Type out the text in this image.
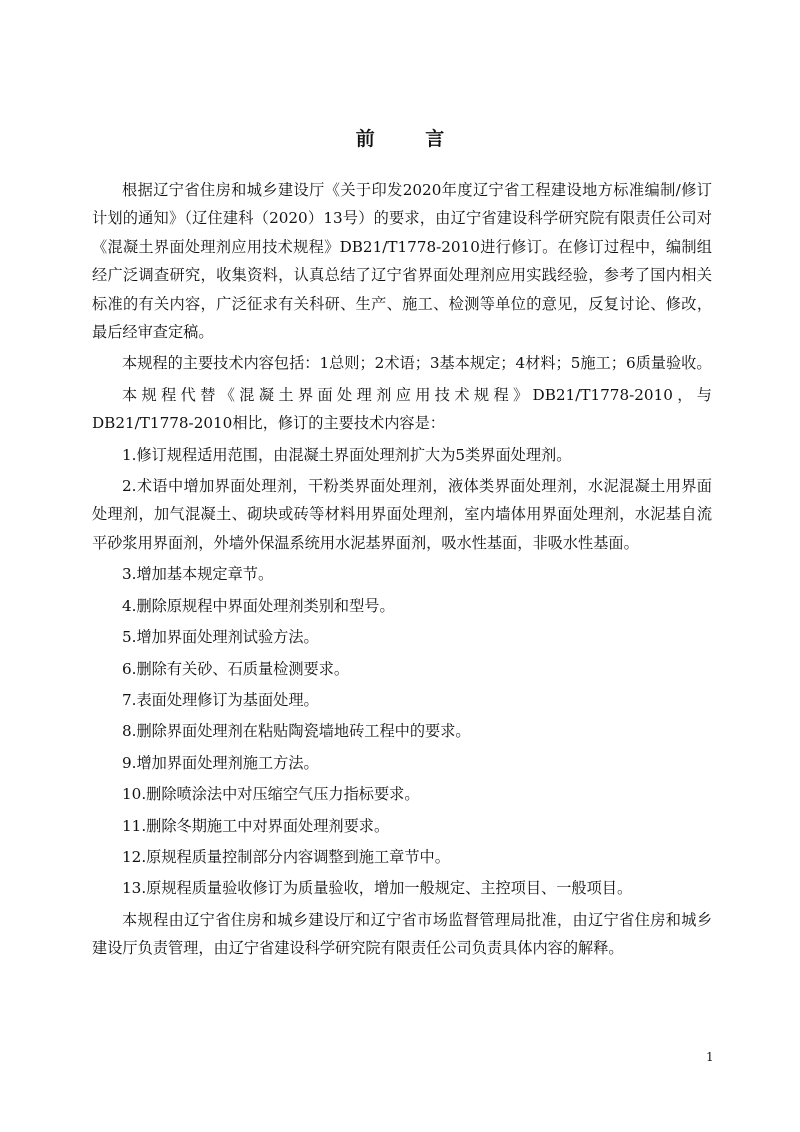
前 言

根据辽宁省住房和城乡建设厅《关于印发2020年度辽宁省工程建设地方标准编制/修订计划的通知》（辽住建科（2020）13号）的要求，由辽宁省建设科学研究院有限责任公司对《混凝土界面处理剂应用技术规程》DB21/T1778-2010进行修订。在修订过程中，编制组经广泛调查研究，收集资料，认真总结了辽宁省界面处理剂应用实践经验，参考了国内相关标准的有关内容，广泛征求有关科研、生产、施工、检测等单位的意见，反复讨论、修改，最后经审查定稿。

本规程的主要技术内容包括：1总则；2术语；3基本规定；4材料；5施工；6质量验收。

本规程代替《混凝土界面处理剂应用技术规程》DB21/T1778-2010，与DB21/T1778-2010相比，修订的主要技术内容是：

1.修订规程适用范围，由混凝土界面处理剂扩大为5类界面处理剂。

2.术语中增加界面处理剂，干粉类界面处理剂，液体类界面处理剂，水泥混凝土用界面处理剂，加气混凝土、砌块或砖等材料用界面处理剂，室内墙体用界面处理剂，水泥基自流平砂浆用界面剂，外墙外保温系统用水泥基界面剂，吸水性基面，非吸水性基面。

3.增加基本规定章节。

4.删除原规程中界面处理剂类别和型号。

5.增加界面处理剂试验方法。

6.删除有关砂、石质量检测要求。

7.表面处理修订为基面处理。

8.删除界面处理剂在粘贴陶瓷墙地砖工程中的要求。

9.增加界面处理剂施工方法。

10.删除喷涂法中对压缩空气压力指标要求。

11.删除冬期施工中对界面处理剂要求。

12.原规程质量控制部分内容调整到施工章节中。

13.原规程质量验收修订为质量验收，增加一般规定、主控项目、一般项目。

本规程由辽宁省住房和城乡建设厅和辽宁省市场监督管理局批准，由辽宁省住房和城乡建设厅负责管理，由辽宁省建设科学研究院有限责任公司负责具体内容的解释。

1
